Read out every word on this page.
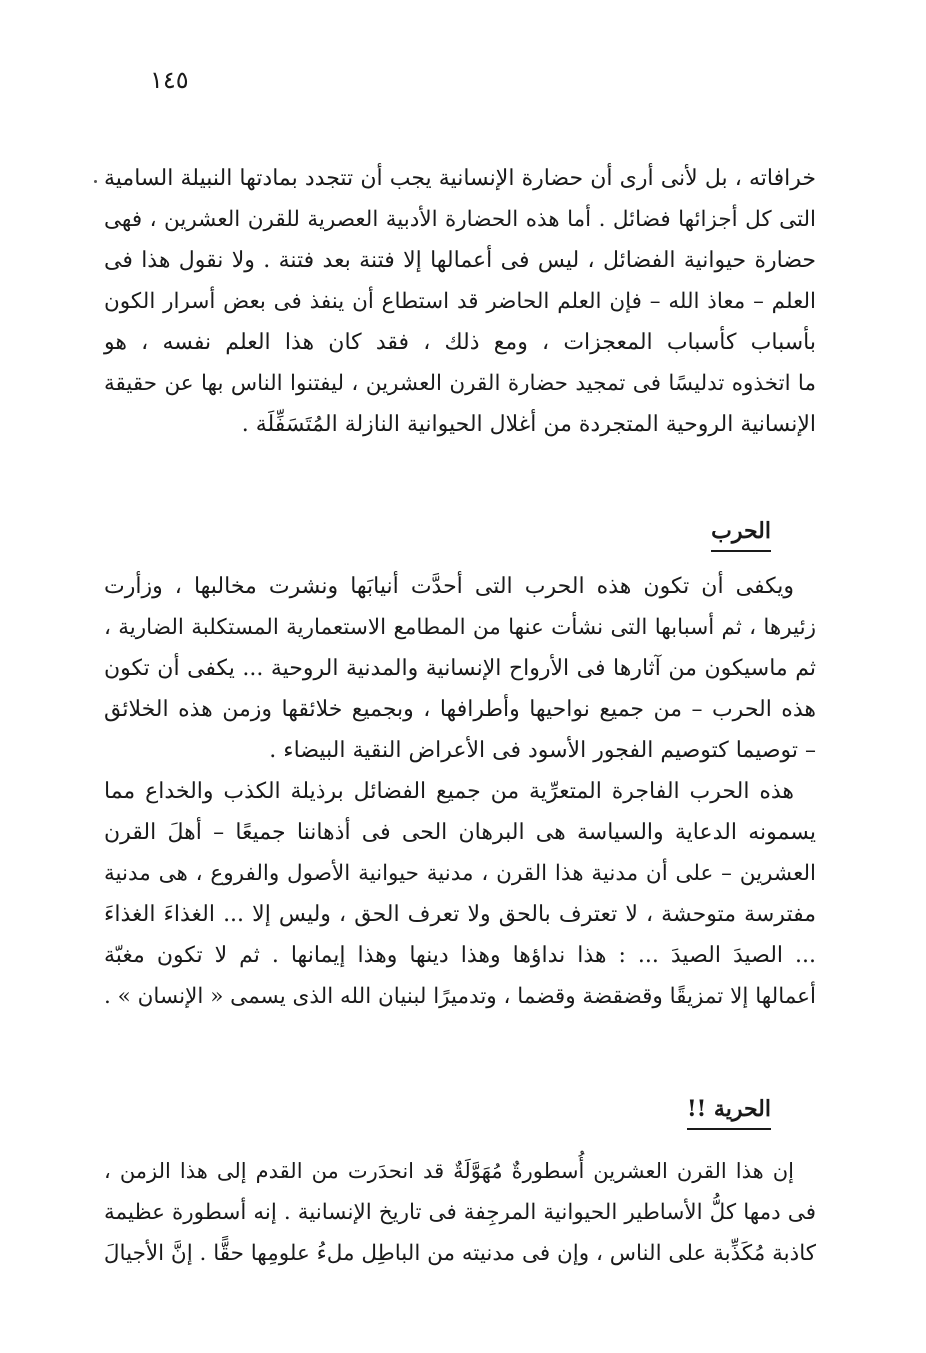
١٤٥
خرافاته ، بل لأنى أرى أن حضارة الإنسانية يجب أن تتجدد بمادتها النبيلة السامية
التى كل أجزائها فضائل . أما هذه الحضارة الأدبية العصرية للقرن العشرين ، فهى
حضارة حيوانية الفضائل ، ليس فى أعمالها إلا فتنة بعد فتنة . ولا نقول هذا فى
العلم – معاذ الله – فإن العلم الحاضر قد استطاع أن ينفذ فى بعض أسرار الكون
بأسباب كأسباب المعجزات ، ومع ذلك ، فقد كان هذا العلم نفسه ، هو
ما اتخذوه تدليسًا فى تمجيد حضارة القرن العشرين ، ليفتنوا الناس بها عن حقيقة
الإنسانية الروحية المتجردة من أغلال الحيوانية النازلة المُتَسَفِّلَة .
الحرب
ويكفى أن تكون هذه الحرب التى أحدَّت أنيابَها ونشرت مخالبها ، وزأرت
زئيرها ، ثم أسبابها التى نشأت عنها من المطامع الاستعمارية المستكلبة الضارية ،
ثم ماسيكون من آثارها فى الأرواح الإنسانية والمدنية الروحية ... يكفى أن تكون
هذه الحرب – من جميع نواحيها وأطرافها ، وبجميع خلائقها وزمن هذه الخلائق
– توصيما كتوصيم الفجور الأسود فى الأعراض النقية البيضاء .
هذه الحرب الفاجرة المتعرِّية من جميع الفضائل برذيلة الكذب والخداع مما
يسمونه الدعاية والسياسة هى البرهان الحى فى أذهاننا جميعًا – أهلَ القرن
العشرين – على أن مدنية هذا القرن ، مدنية حيوانية الأصول والفروع ، هى مدنية
مفترسة متوحشة ، لا تعترف بالحق ولا تعرف الحق ، وليس إلا ... الغذاءَ الغذاءَ
... الصيدَ الصيدَ ... : هذا نداؤها وهذا دينها وهذا إيمانها . ثم لا تكون مغبّة
أعمالها إلا تمزيقًا وقضقضة وقضما ، وتدميرًا لبنيان الله الذى يسمى « الإنسان » .
الحرية !!
إن هذا القرن العشرين أُسطورةٌ مُهَوَّلَةٌ قد انحدَرت من القدم إلى هذا الزمن ،
فى دمها كلُّ الأساطير الحيوانية المرجِفة فى تاريخ الإنسانية . إنه أسطورة عظيمة
كاذبة مُكَذِّبة على الناس ، وإن فى مدنيته من الباطِل ملءُ علومِها حقًّا . إنَّ الأجيالَ
